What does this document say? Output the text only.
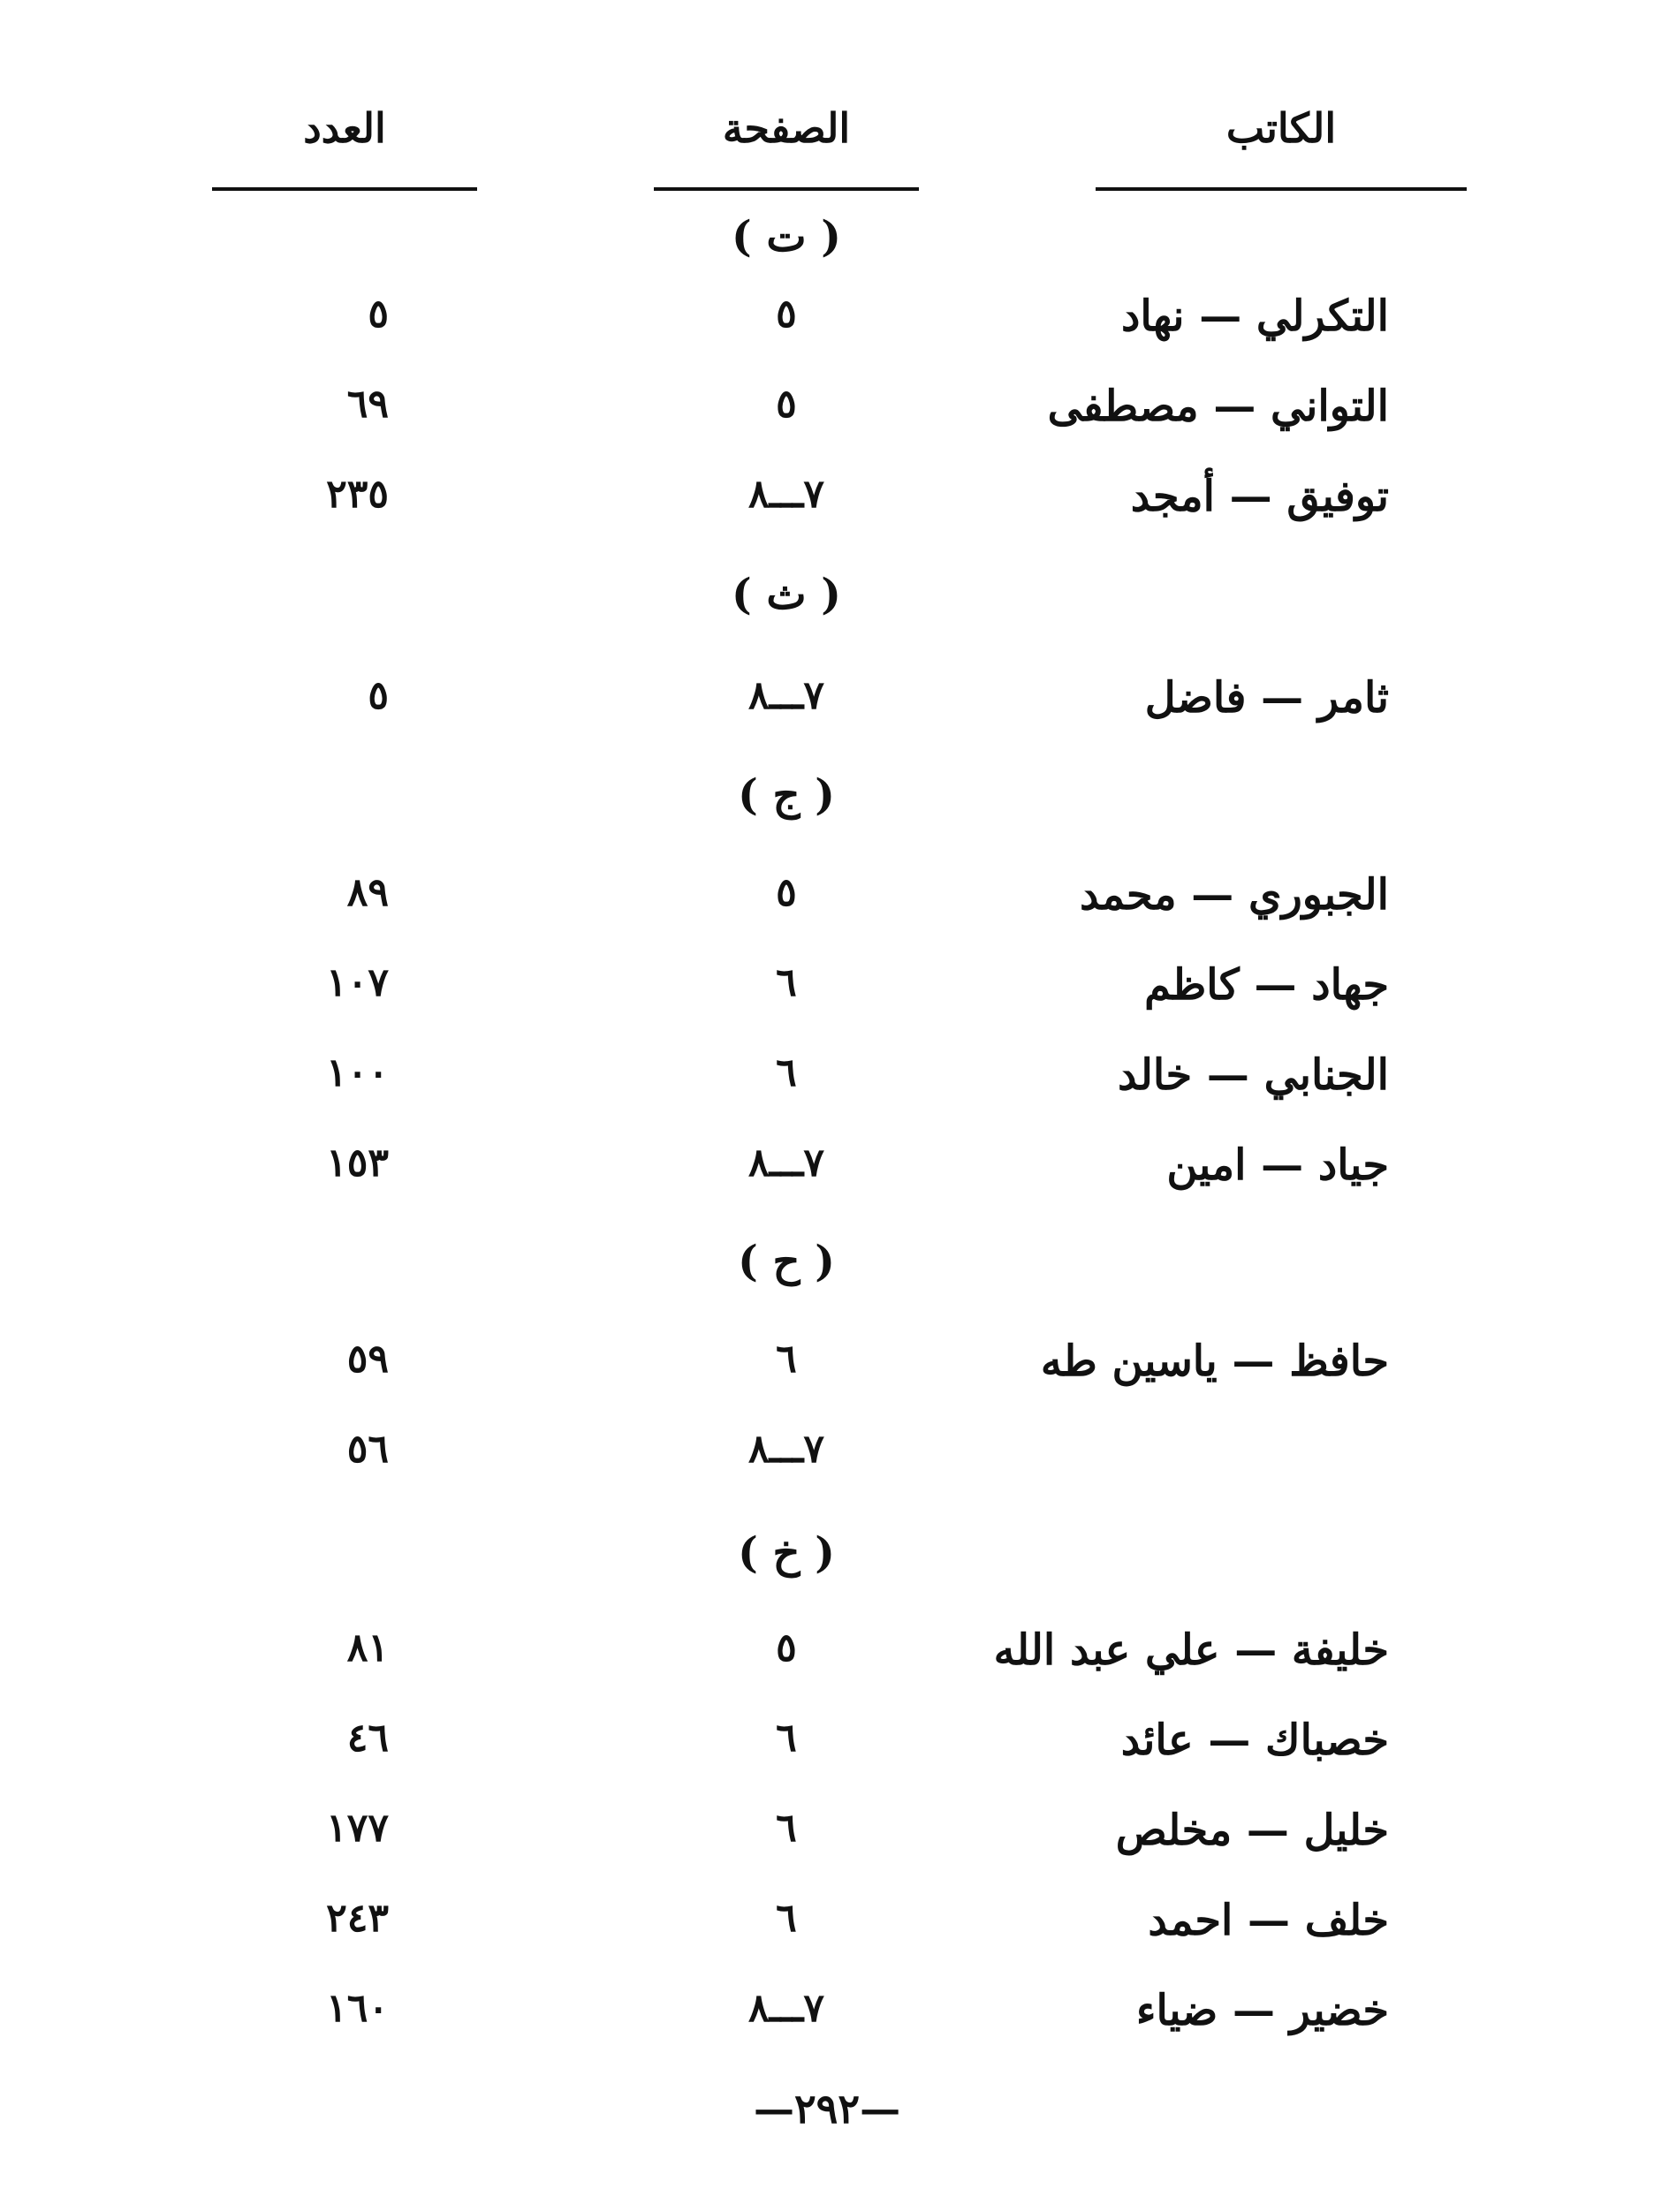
الكاتب
الصفحة
العدد
( ت )
التكرلي — نهاد
٥
٥
التواني — مصطفى
٥
٦٩
توفيق — أمجد
٧ـــ٨
٢٣٥
( ث )
ثامر — فاضل
٧ـــ٨
٥
( ج )
الجبوري — محمد
٥
٨٩
جهاد — كاظم
٦
١٠٧
الجنابي — خالد
٦
١٠٠
جياد — امين
٧ـــ٨
١٥٣
( ح )
حافظ — ياسين طه
٦
٥٩
٧ـــ٨
٥٦
( خ )
خليفة — علي عبد الله
٥
٨١
خصباك — عائد
٦
٤٦
خليل — مخلص
٦
١٧٧
خلف — احمد
٦
٢٤٣
خضير — ضياء
٧ـــ٨
١٦٠
—٢٩٢—
